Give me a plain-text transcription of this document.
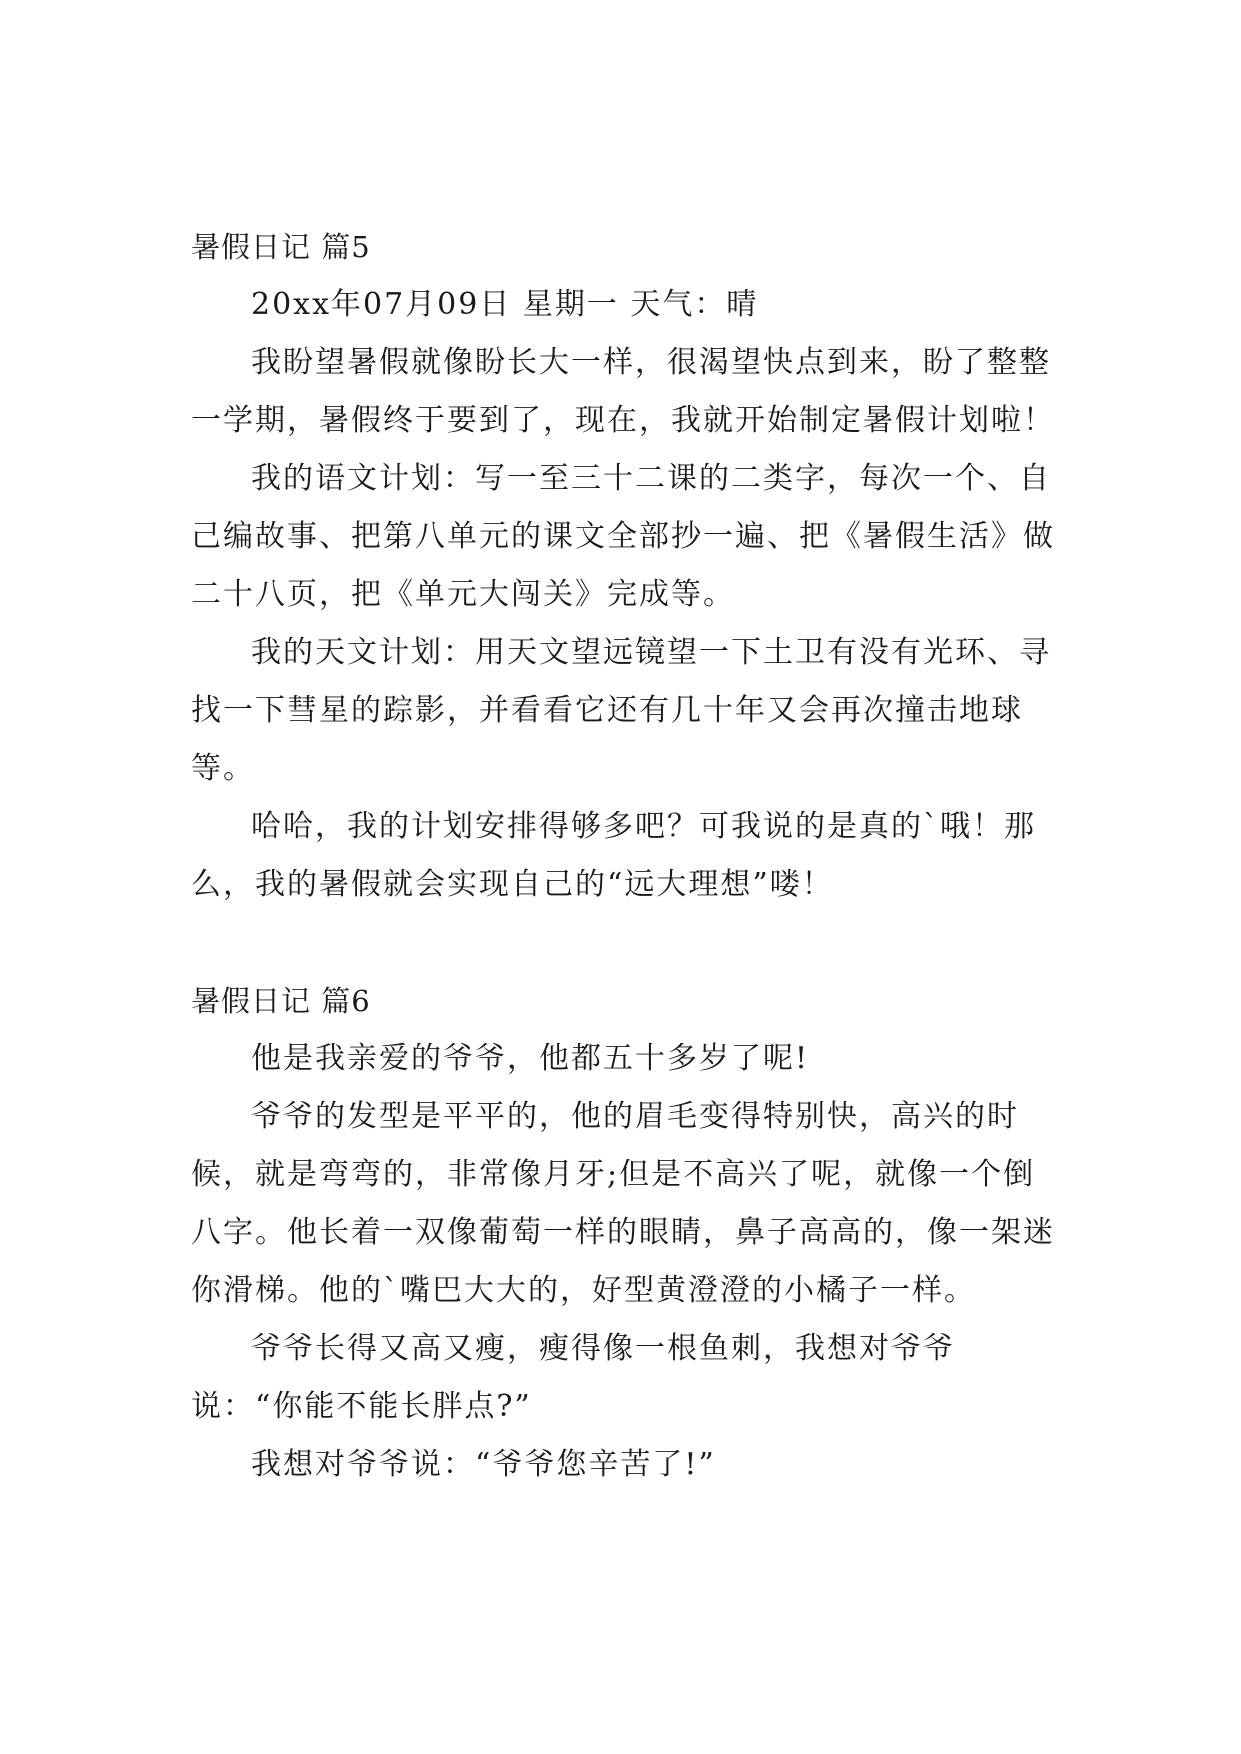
暑假日记 篇5

20xx年07月09日 星期一 天气：晴

我盼望暑假就像盼长大一样，很渴望快点到来，盼了整整一学期，暑假终于要到了，现在，我就开始制定暑假计划啦！

我的语文计划：写一至三十二课的二类字，每次一个、自己编故事、把第八单元的课文全部抄一遍、把《暑假生活》做二十八页，把《单元大闯关》完成等。

我的天文计划：用天文望远镜望一下土卫有没有光环、寻找一下彗星的踪影，并看看它还有几十年又会再次撞击地球等。

哈哈，我的计划安排得够多吧？可我说的是真的`哦！那么，我的暑假就会实现自己的“远大理想”喽！

暑假日记 篇6

他是我亲爱的爷爷，他都五十多岁了呢!

爷爷的发型是平平的，他的眉毛变得特别快，高兴的时候，就是弯弯的，非常像月牙;但是不高兴了呢，就像一个倒八字。他长着一双像葡萄一样的眼睛，鼻子高高的，像一架迷你滑梯。他的`嘴巴大大的，好型黄澄澄的小橘子一样。

爷爷长得又高又瘦，瘦得像一根鱼刺，我想对爷爷说：“你能不能长胖点?”

我想对爷爷说：“爷爷您辛苦了!”
